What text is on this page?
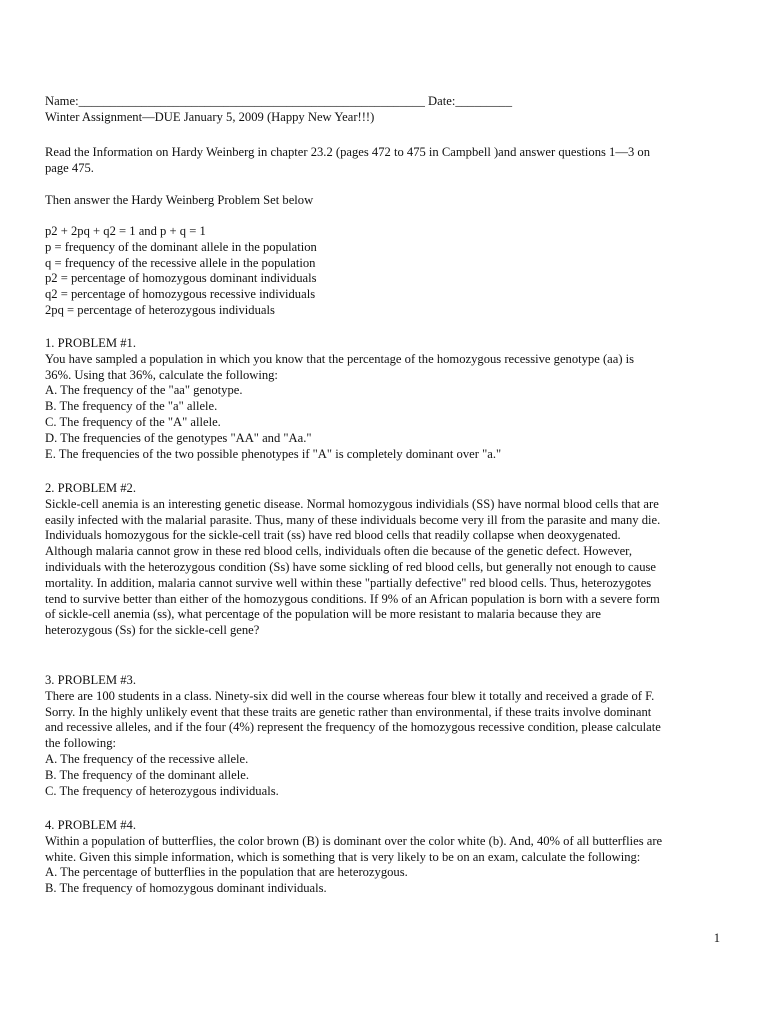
Name:_______________________________________________________ Date:_________
Winter Assignment—DUE January 5, 2009 (Happy New Year!!!)
Read the Information on Hardy Weinberg in chapter 23.2 (pages 472 to 475 in Campbell )and answer questions 1—3 on
page 475.
Then answer the Hardy Weinberg Problem Set below
p2 + 2pq + q2 = 1 and p + q = 1
p = frequency of the dominant allele in the population
q = frequency of the recessive allele in the population
p2 = percentage of homozygous dominant individuals
q2 = percentage of homozygous recessive individuals
2pq = percentage of heterozygous individuals
1. PROBLEM #1.
You have sampled a population in which you know that the percentage of the homozygous recessive genotype (aa) is
36%. Using that 36%, calculate the following:
A. The frequency of the "aa" genotype.
B. The frequency of the "a" allele.
C. The frequency of the "A" allele.
D. The frequencies of the genotypes "AA" and "Aa."
E. The frequencies of the two possible phenotypes if "A" is completely dominant over "a."
2. PROBLEM #2.
Sickle-cell anemia is an interesting genetic disease. Normal homozygous individials (SS) have normal blood cells that are
easily infected with the malarial parasite. Thus, many of these individuals become very ill from the parasite and many die.
Individuals homozygous for the sickle-cell trait (ss) have red blood cells that readily collapse when deoxygenated.
Although malaria cannot grow in these red blood cells, individuals often die because of the genetic defect. However,
individuals with the heterozygous condition (Ss) have some sickling of red blood cells, but generally not enough to cause
mortality. In addition, malaria cannot survive well within these "partially defective" red blood cells. Thus, heterozygotes
tend to survive better than either of the homozygous conditions. If 9% of an African population is born with a severe form
of sickle-cell anemia (ss), what percentage of the population will be more resistant to malaria because they are
heterozygous (Ss) for the sickle-cell gene?
3. PROBLEM #3.
There are 100 students in a class. Ninety-six did well in the course whereas four blew it totally and received a grade of F.
Sorry. In the highly unlikely event that these traits are genetic rather than environmental, if these traits involve dominant
and recessive alleles, and if the four (4%) represent the frequency of the homozygous recessive condition, please calculate
the following:
A. The frequency of the recessive allele.
B. The frequency of the dominant allele.
C. The frequency of heterozygous individuals.
4. PROBLEM #4.
Within a population of butterflies, the color brown (B) is dominant over the color white (b). And, 40% of all butterflies are
white. Given this simple information, which is something that is very likely to be on an exam, calculate the following:
A. The percentage of butterflies in the population that are heterozygous.
B. The frequency of homozygous dominant individuals.
1
